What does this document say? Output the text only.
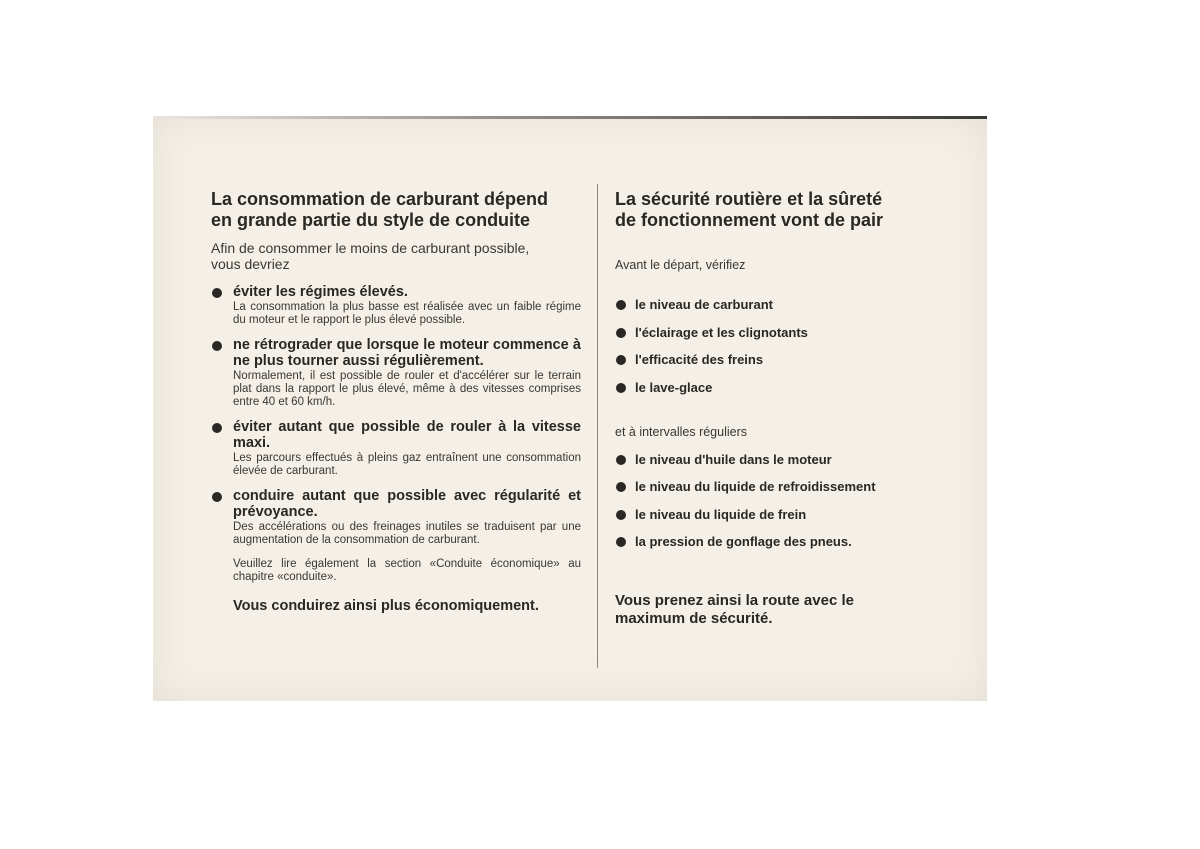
La consommation de carburant dépend
en grande partie du style de conduite

Afin de consommer le moins de carburant possible,
vous devriez

éviter les régimes élevés.
La consommation la plus basse est réalisée avec un faible régime du moteur et le rapport le plus élevé possible.
ne rétrograder que lorsque le moteur commence à ne plus tourner aussi régulièrement.
Normalement, il est possible de rouler et d'accélérer sur le terrain plat dans la rapport le plus élevé, même à des vitesses comprises entre 40 et 60 km/h.
éviter autant que possible de rouler à la vitesse maxi.
Les parcours effectués à pleins gaz entraînent une consommation élevée de carburant.
conduire autant que possible avec régularité et prévoyance.
Des accélérations ou des freinages inutiles se traduisent par une augmentation de la consommation de carburant.
Veuillez lire également la section «Conduite économique» au chapitre «conduite».
Vous conduirez ainsi plus économiquement.
La sécurité routière et la sûreté
de fonctionnement vont de pair
Avant le départ, vérifiez
le niveau de carburant
l'éclairage et les clignotants
l'efficacité des freins
le lave-glace
et à intervalles réguliers
le niveau d'huile dans le moteur
le niveau du liquide de refroidissement
le niveau du liquide de frein
la pression de gonflage des pneus.
Vous prenez ainsi la route avec le
maximum de sécurité.
